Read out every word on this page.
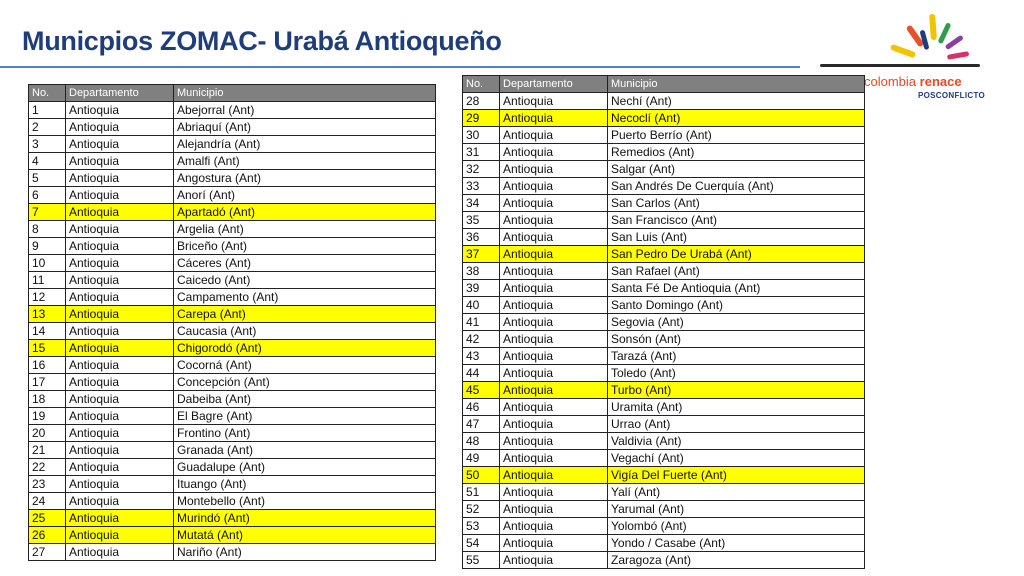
Municpios ZOMAC- Urabá Antioqueño
colombia renace
POSCONFLICTO
No.	Departamento	Municipio
1	Antioquia	Abejorral (Ant)
2	Antioquia	Abriaquí (Ant)
3	Antioquia	Alejandría (Ant)
4	Antioquia	Amalfi (Ant)
5	Antioquia	Angostura (Ant)
6	Antioquia	Anorí (Ant)
7	Antioquia	Apartadó (Ant)
8	Antioquia	Argelia (Ant)
9	Antioquia	Briceño (Ant)
10	Antioquia	Cáceres (Ant)
11	Antioquia	Caicedo (Ant)
12	Antioquia	Campamento (Ant)
13	Antioquia	Carepa (Ant)
14	Antioquia	Caucasia (Ant)
15	Antioquia	Chigorodó (Ant)
16	Antioquia	Cocorná (Ant)
17	Antioquia	Concepción (Ant)
18	Antioquia	Dabeiba (Ant)
19	Antioquia	El Bagre (Ant)
20	Antioquia	Frontino (Ant)
21	Antioquia	Granada (Ant)
22	Antioquia	Guadalupe (Ant)
23	Antioquia	Ituango (Ant)
24	Antioquia	Montebello (Ant)
25	Antioquia	Murindó (Ant)
26	Antioquia	Mutatá (Ant)
27	Antioquia	Nariño (Ant)
No.	Departamento	Municipio
28	Antioquia	Nechí (Ant)
29	Antioquia	Necoclí (Ant)
30	Antioquia	Puerto Berrío (Ant)
31	Antioquia	Remedios (Ant)
32	Antioquia	Salgar (Ant)
33	Antioquia	San Andrés De Cuerquía (Ant)
34	Antioquia	San Carlos (Ant)
35	Antioquia	San Francisco (Ant)
36	Antioquia	San Luis (Ant)
37	Antioquia	San Pedro De Urabá (Ant)
38	Antioquia	San Rafael (Ant)
39	Antioquia	Santa Fé De Antioquia (Ant)
40	Antioquia	Santo Domingo (Ant)
41	Antioquia	Segovia (Ant)
42	Antioquia	Sonsón (Ant)
43	Antioquia	Tarazá (Ant)
44	Antioquia	Toledo (Ant)
45	Antioquia	Turbo (Ant)
46	Antioquia	Uramita (Ant)
47	Antioquia	Urrao (Ant)
48	Antioquia	Valdivia (Ant)
49	Antioquia	Vegachí (Ant)
50	Antioquia	Vigía Del Fuerte (Ant)
51	Antioquia	Yalí (Ant)
52	Antioquia	Yarumal (Ant)
53	Antioquia	Yolombó (Ant)
54	Antioquia	Yondo / Casabe (Ant)
55	Antioquia	Zaragoza (Ant)
